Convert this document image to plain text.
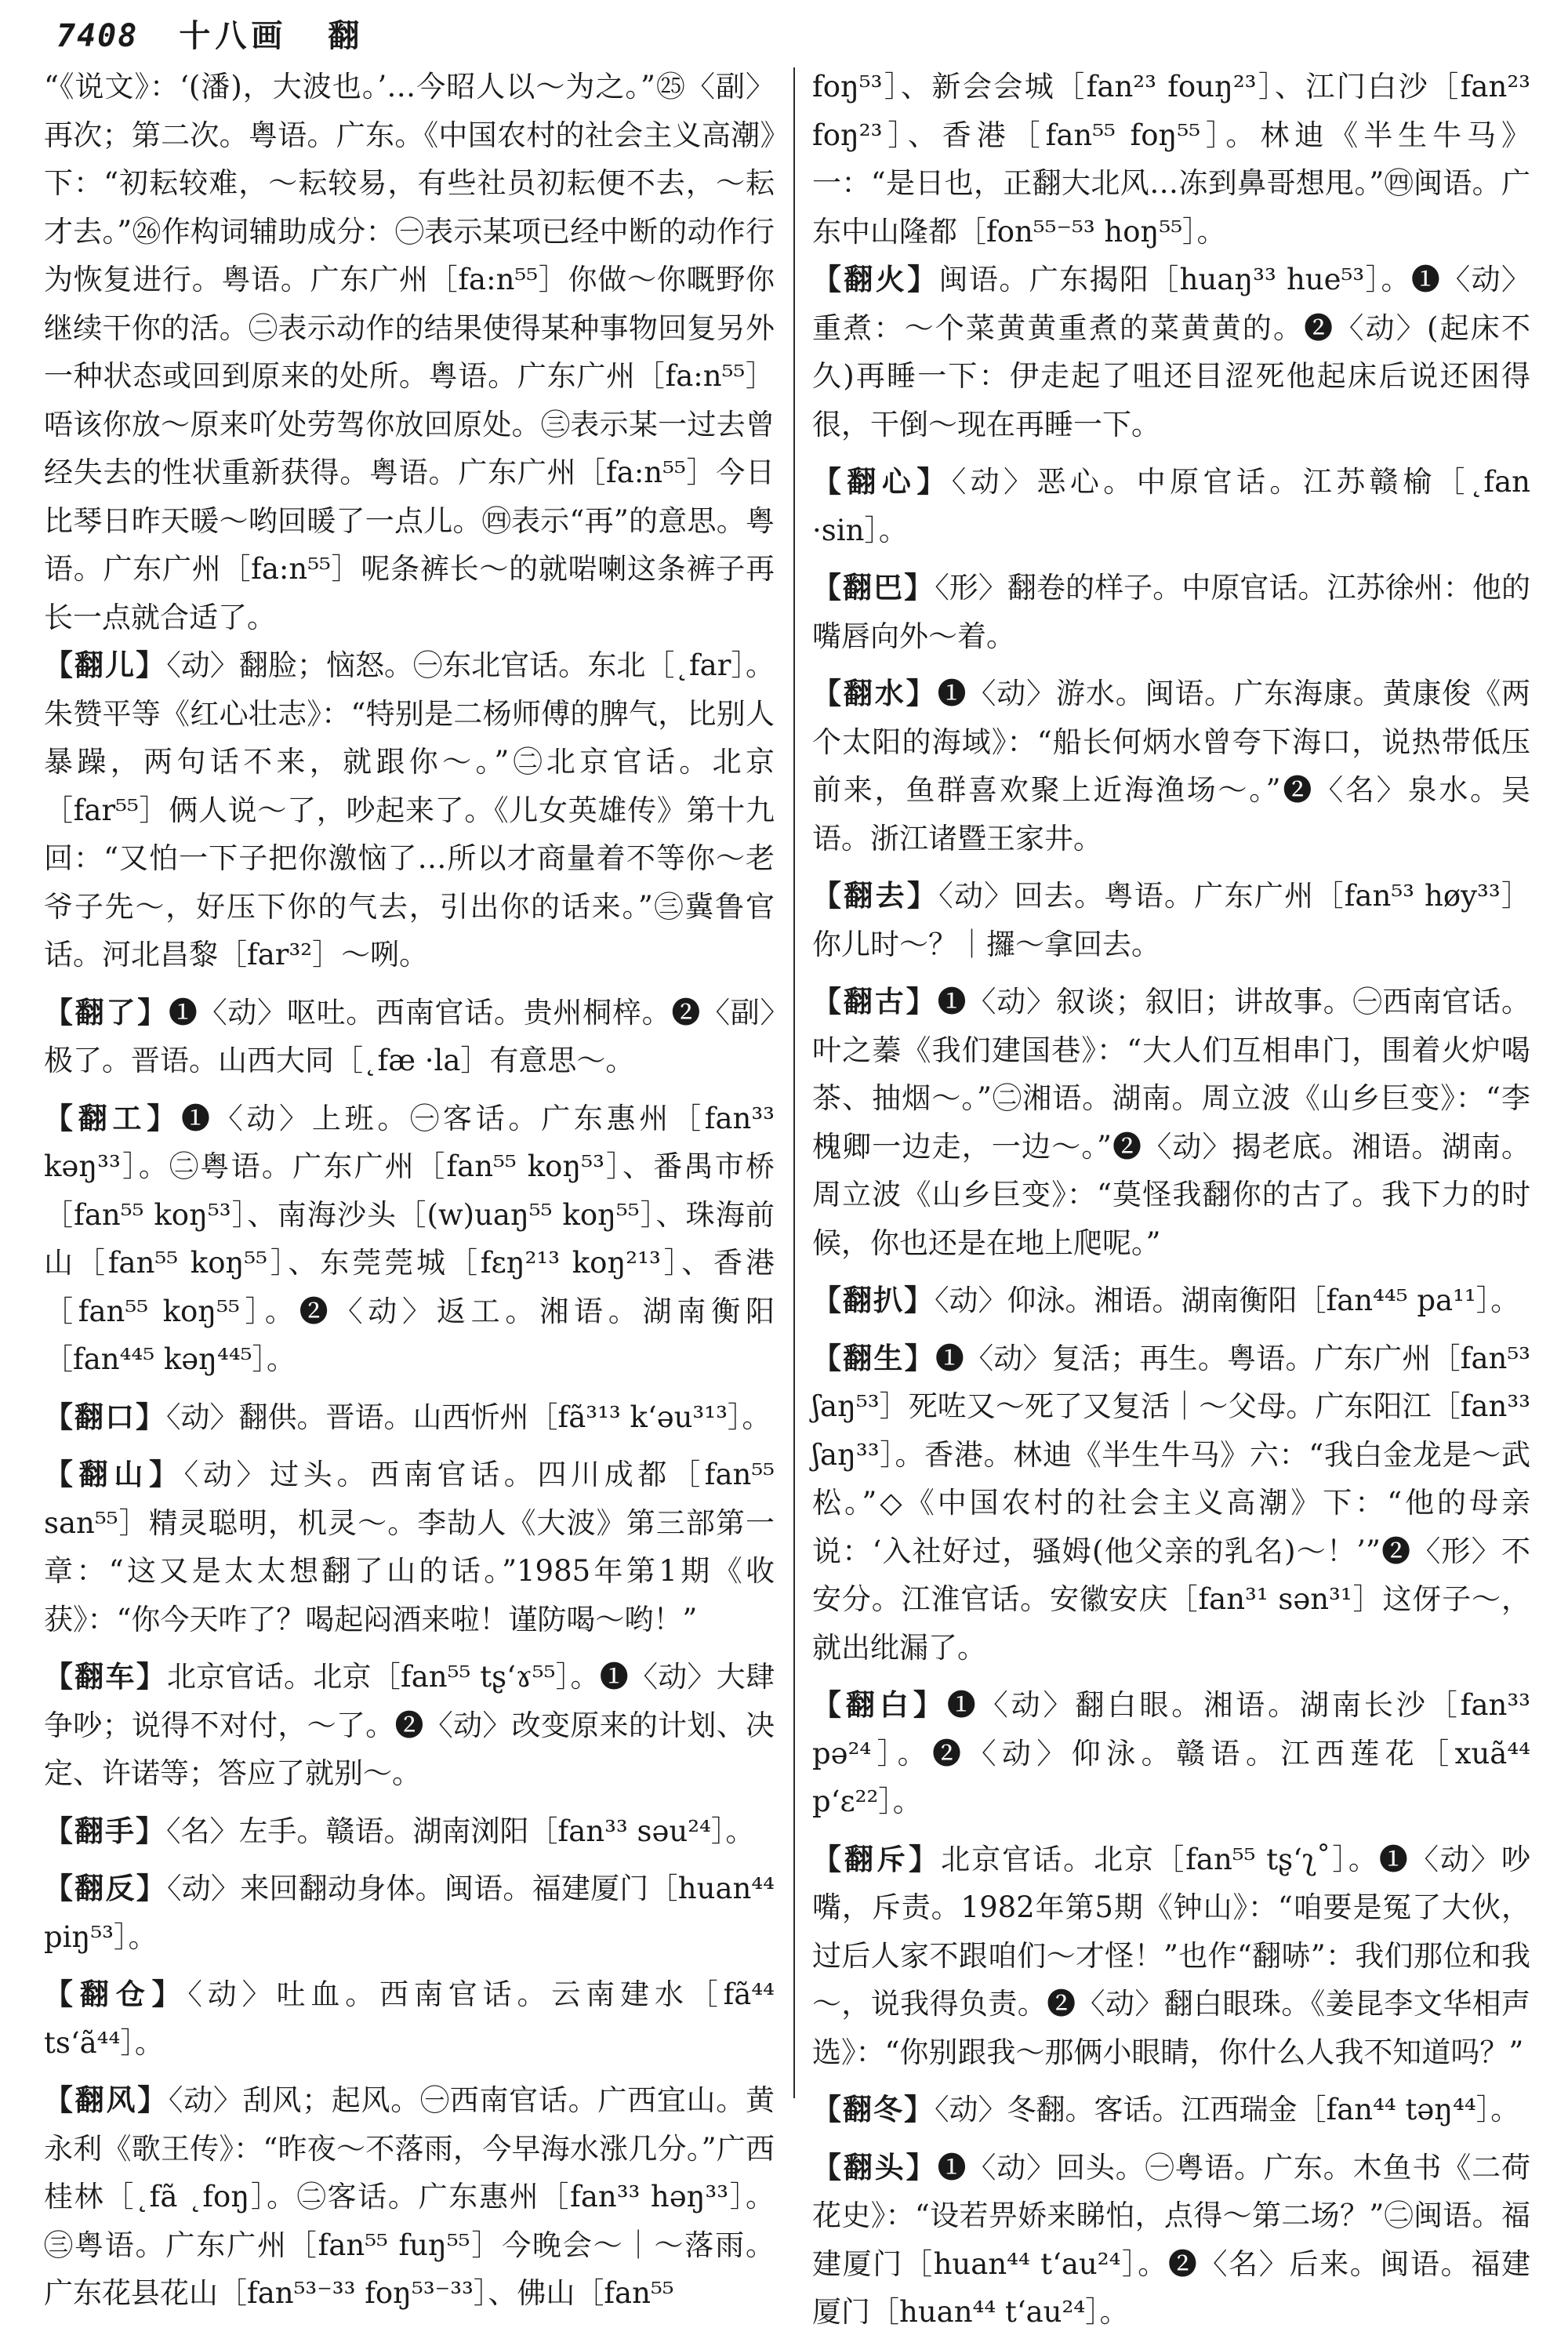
7408 十八画 翻

“《说文》：‘(潘)，大波也。’…今昭人以～为之。”㉕〈副〉再次；第二次。粤语。广东。《中国农村的社会主义高潮》下：“初耘较难，～耘较易，有些社员初耘便不去，～耘才去。”㉖作构词辅助成分：㊀表示某项已经中断的动作行为恢复进行。粤语。广东广州［fa:n⁵⁵］你做～你嘅野你继续干你的活。㊁表示动作的结果使得某种事物回复另外一种状态或回到原来的处所。粤语。广东广州［fa:n⁵⁵］唔该你放～原来吖处劳驾你放回原处。㊂表示某一过去曾经失去的性状重新获得。粤语。广东广州［fa:n⁵⁵］今日比琴日昨天暖～哟回暖了一点儿。㊃表示“再”的意思。粤语。广东广州［fa:n⁵⁵］呢条裤长～的就啱喇这条裤子再长一点就合适了。

【翻儿】〈动〉翻脸；恼怒。㊀东北官话。东北［˛far］。朱赞平等《红心壮志》：“特别是二杨师傅的脾气，比别人暴躁，两句话不来，就跟你～。”㊁北京官话。北京［far⁵⁵］俩人说～了，吵起来了。《儿女英雄传》第十九回：“又怕一下子把你激恼了…所以才商量着不等你～老爷子先～，好压下你的气去，引出你的话来。”㊂冀鲁官话。河北昌黎［far³²］～咧。

【翻了】❶〈动〉呕吐。西南官话。贵州桐梓。❷〈副〉极了。晋语。山西大同［˛fæ ·la］有意思～。

【翻工】❶〈动〉上班。㊀客话。广东惠州［fan³³ kəŋ³³］。㊁粤语。广东广州［fan⁵⁵ koŋ⁵³］、番禺市桥［fan⁵⁵ koŋ⁵³］、南海沙头［(w)uaŋ⁵⁵ koŋ⁵⁵］、珠海前山［fan⁵⁵ koŋ⁵⁵］、东莞莞城［fɛŋ²¹³ koŋ²¹³］、香港［fan⁵⁵ koŋ⁵⁵］。❷〈动〉返工。湘语。湖南衡阳［fan⁴⁴⁵ kəŋ⁴⁴⁵］。

【翻口】〈动〉翻供。晋语。山西忻州［fã³¹³ k‘əu³¹³］。

【翻山】〈动〉过头。西南官话。四川成都［fan⁵⁵ san⁵⁵］精灵聪明，机灵～。李劼人《大波》第三部第一章：“这又是太太想翻了山的话。”1985年第1期《收获》：“你今天咋了？喝起闷酒来啦！谨防喝～哟！”

【翻车】北京官话。北京［fan⁵⁵ tʂ‘ɤ⁵⁵］。❶〈动〉大肆争吵；说得不对付，～了。❷〈动〉改变原来的计划、决定、许诺等；答应了就别～。

【翻手】〈名〉左手。赣语。湖南浏阳［fan³³ səu²⁴］。

【翻反】〈动〉来回翻动身体。闽语。福建厦门［huan⁴⁴ piŋ⁵³］。

【翻仓】〈动〉吐血。西南官话。云南建水［fã⁴⁴ ts‘ã⁴⁴］。

【翻风】〈动〉刮风；起风。㊀西南官话。广西宜山。黄永利《歌王传》：“昨夜～不落雨，今早海水涨几分。”广西桂林［˛fã ˛foŋ］。㊁客话。广东惠州［fan³³ həŋ³³］。㊂粤语。广东广州［fan⁵⁵ fuŋ⁵⁵］今晚会～｜～落雨。广东花县花山［fan⁵³⁻³³ foŋ⁵³⁻³³］、佛山［fan⁵⁵

foŋ⁵³］、新会会城［fan²³ fouŋ²³］、江门白沙［fan²³ foŋ²³］、香港［fan⁵⁵ foŋ⁵⁵］。林迪《半生牛马》一：“是日也，正翻大北风…冻到鼻哥想甩。”㊃闽语。广东中山隆都［fon⁵⁵⁻⁵³ hoŋ⁵⁵］。

【翻火】闽语。广东揭阳［huaŋ³³ hue⁵³］。❶〈动〉重煮：～个菜黄黄重煮的菜黄黄的。❷〈动〉(起床不久)再睡一下：伊走起了咀还目涩死他起床后说还困得很，干倒～现在再睡一下。

【翻心】〈动〉恶心。中原官话。江苏赣榆［˛fan ·sin］。

【翻巴】〈形〉翻卷的样子。中原官话。江苏徐州：他的嘴唇向外～着。

【翻水】❶〈动〉游水。闽语。广东海康。黄康俊《两个太阳的海域》：“船长何炳水曾夸下海口，说热带低压前来，鱼群喜欢聚上近海渔场～。”❷〈名〉泉水。吴语。浙江诸暨王家井。

【翻去】〈动〉回去。粤语。广东广州［fan⁵³ høy³³］你儿时～？｜攞～拿回去。

【翻古】❶〈动〉叙谈；叙旧；讲故事。㊀西南官话。叶之蓁《我们建国巷》：“大人们互相串门，围着火炉喝茶、抽烟～。”㊁湘语。湖南。周立波《山乡巨变》：“李槐卿一边走，一边～。”❷〈动〉揭老底。湘语。湖南。周立波《山乡巨变》：“莫怪我翻你的古了。我下力的时候，你也还是在地上爬呢。”

【翻扒】〈动〉仰泳。湘语。湖南衡阳［fan⁴⁴⁵ pa¹¹］。

【翻生】❶〈动〉复活；再生。粤语。广东广州［fan⁵³ ʃaŋ⁵³］死咗又～死了又复活｜～父母。广东阳江［fan³³ ʃaŋ³³］。香港。林迪《半生牛马》六：“我白金龙是～武松。”◇《中国农村的社会主义高潮》下：“他的母亲说：‘入社好过，骚姆(他父亲的乳名)～！’”❷〈形〉不安分。江淮官话。安徽安庆［fan³¹ sən³¹］这伢子～，就出纰漏了。

【翻白】❶〈动〉翻白眼。湘语。湖南长沙［fan³³ pə²⁴］。❷〈动〉仰泳。赣语。江西莲花［xuã⁴⁴ p‘ɛ²²］。

【翻斥】北京官话。北京［fan⁵⁵ tʂ‘ʅ˚］。❶〈动〉吵嘴，斥责。1982年第5期《钟山》：“咱要是冤了大伙，过后人家不跟咱们～才怪！”也作“翻哧”：我们那位和我～，说我得负责。❷〈动〉翻白眼珠。《姜昆李文华相声选》：“你别跟我～那俩小眼睛，你什么人我不知道吗？”

【翻冬】〈动〉冬翻。客话。江西瑞金［fan⁴⁴ təŋ⁴⁴］。

【翻头】❶〈动〉回头。㊀粤语。广东。木鱼书《二荷花史》：“设若畀娇来睇怕，点得～第二场？”㊁闽语。福建厦门［huan⁴⁴ t‘au²⁴］。❷〈名〉后来。闽语。福建厦门［huan⁴⁴ t‘au²⁴］。
